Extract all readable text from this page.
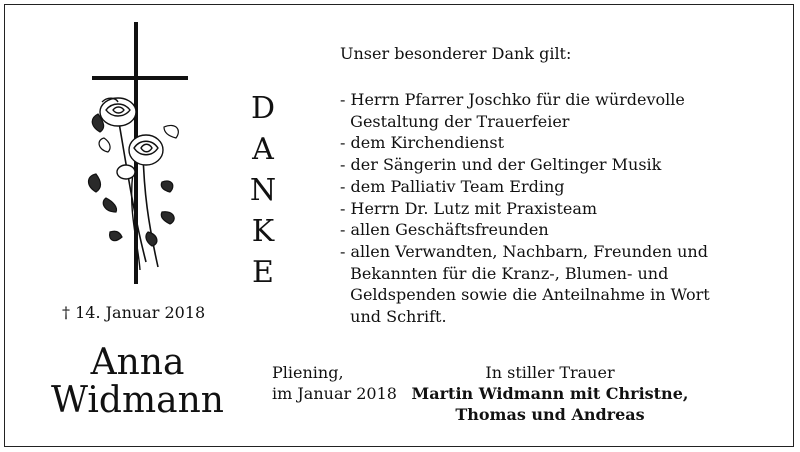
† 14. Januar 2018
Anna
Widmann
D
A
N
K
E
Unser besonderer Dank gilt:
- Herrn Pfarrer Joschko für die würdevolle
Gestaltung der Trauerfeier
- dem Kirchendienst
- der Sängerin und der Geltinger Musik
- dem Palliativ Team Erding
- Herrn Dr. Lutz mit Praxisteam
- allen Geschäftsfreunden
- allen Verwandten, Nachbarn, Freunden und
Bekannten für die Kranz-, Blumen- und
Geldspenden sowie die Anteilnahme in Wort
und Schrift.
Pliening,
im Januar 2018
In stiller Trauer
Martin Widmann mit Christne,
Thomas und Andreas
